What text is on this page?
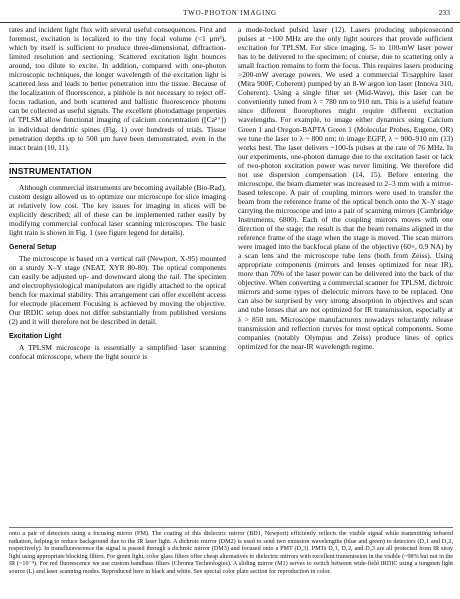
TWO-PHOTON IMAGING	233

rates and incident light flux with several useful consequences. First and foremost, excitation is localized to the tiny focal volume (<1 µm³), which by itself is sufficient to produce three-dimensional, diffraction-limited resolution and sectioning. Scattered excitation light bounces around, too dilute to excite. In addition, compared with one-photon microscopic techniques, the longer wavelength of the excitation light is scattered less and leads to better penetration into the tissue. Because of the localization of fluorescence, a pinhole is not necessary to reject off-focus radiation, and both scattered and ballistic fluorescence photons can be collected as useful signals. The excellent photodamage properties of TPLSM allow functional imaging of calcium concentration ([Ca²⁺]) in individual dendritic spines (Fig. 1) over hundreds of trials. Tissue penetration depths up to 500 µm have been demonstrated, even in the intact brain (10, 11).

INSTRUMENTATION

Although commercial instruments are becoming available (Bio-Rad), custom design allowed us to optimize our microscope for slice imaging at relatively low cost. The key issues for imaging in slices will be explicitly described; all of these can be implemented rather easily by modifying commercial confocal laser scanning microscopes. The basic light train is shown in Fig. 1 (see figure legend for details).

General Setup

The microscope is based on a vertical rail (Newport, X-95) mounted on a sturdy X–Y stage (NEAT, XYR 80-80). The optical components can easily be adjusted up- and downward along the rail. The specimen and electrophysiological manipulators are rigidly attached to the optical bench for maximal stability. This arrangement can offer excellent access for electrode placement Focusing is achieved by moving the objective. Our IRDIC setup does not differ substantially from published versions (2) and it will therefore not be described in detail.

Excitation Light

A TPLSM microscope is essentially a simplified laser scanning confocal microscope, where the light source is

a mode-locked pulsed laser (12). Lasers producing subpicosecond pulses at ~100 MHz are the only light sources that provide sufficient excitation for TPLSM. For slice imaging, 5- to 100-mW laser power has to be delivered to the specimen; of course, due to scattering only a small fraction remains to form the focus. This requires lasers producing >200-mW average powers. We used a commercial Ti:sapphire laser (Mira 900F, Coherent) pumped by an 8-W argon ion laser (Innova 310, Coherent). Using a single filter set (Mid-Wave), this laser can be conveniently tuned from λ = 780 nm to 910 nm. This is a useful feature since different fluorophores might require different excitation wavelengths. For example, to image either dynamics using Calcium Green 1 and Oregon-BAPTA Green 1 (Molecular Probes, Eugene, OR) we tune the laser to λ ~ 800 nm; to image EGFP, λ ~ 900–910 nm (13) works best. The laser delivers ~100-fs pulses at the rate of 76 MHz. In our experiments, one-photon damage due to the excitation laser or lack of two-photon excitation power was never limiting. We therefore did not use dispersion compensation (14, 15). Before entering the microscope, the beam diameter was increased to 2–3 mm with a mirror-based telescope. A pair of coupling mirrors were used to transfer the beam from the reference frame of the optical bench onto the X–Y stage carrying the microscope and into a pair of scanning mirrors (Cambridge Instruments, 6800). Each of the coupling mirrors moves with one direction of the stage; the result is that the beam remains aligned in the reference frame of the stage when the stage is moved. The scan mirrors were imaged into the backfocal plane of the objective (60×, 0.9 NA) by a scan lens and the microscope tube lens (both from Zeiss). Using appropriate components (mirrors and lenses optimized for near IR), more than 70% of the laser power can be delivered into the back of the objective. When converting a commercial scanner for TPLSM, dichroic mirrors and some types of dielectric mirrors have to be replaced. One can also be surprised by very strong absorption in objectives and scan and tube lenses that are not optimized for IR transmission, especially at λ > 850 nm. Microscope manufacturers nowadays reluctantly release transmission and reflection curves for most optical components. Some companies (notably Olympus and Zeiss) produce lines of optics optimized for the near-IR wavelength regime.

onto a pair of detectors using a focusing mirror (FM). The coating of this dielectric mirror (BD1, Newport) efficiently reflects the visible signal while transmitting infrared radiation, helping to reduce background due to the IR laser light. A dichroic mirror (DM2) is used to send two emission wavelengths (blue and green) to detectors (D₁1 and D₁2, respectively). In transfluorescence the signal is passed through a dichroic mirror (DM3) and focused onto a PMT (D₂3). PMTs D₁1, D₁2, and D₂3 are all protected from IR stray light using appropriate blocking filters. For green light, color glass filters offer cheap alternatives to dielectric mirrors with excellent transmission in the visible (~98% but not in the IR (~10⁻⁴). For red fluorescence we use custom bandbass filters (Chroma Technologies). A sliding mirror (M1) serves to switch between wide-field IRDIC using a tungsten light source (L) and laser scanning modes. Reproduced here in black and white. See special color plate section for reproduction in color.
